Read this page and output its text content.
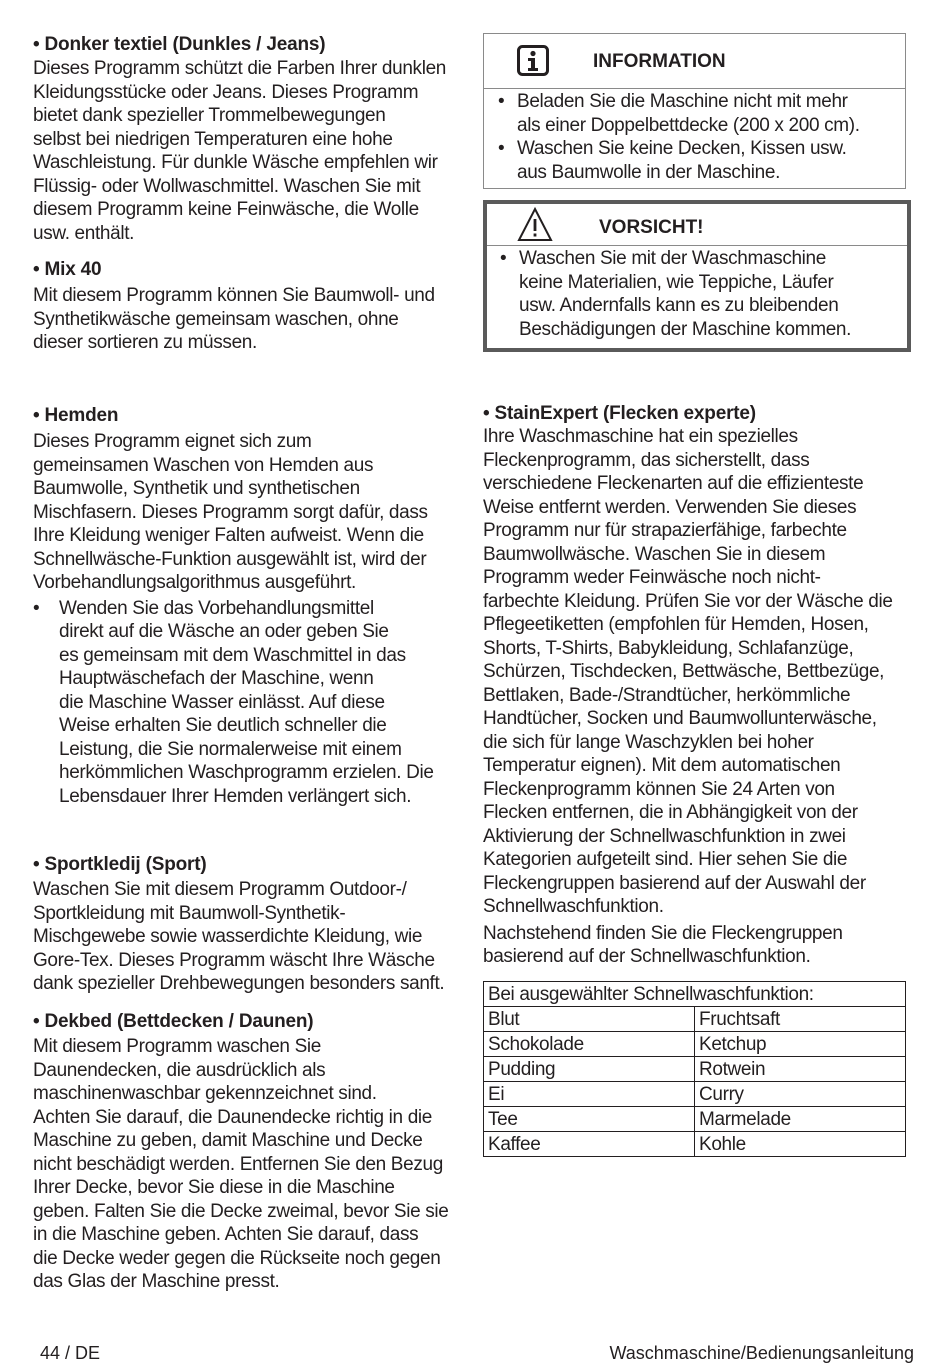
• Donker textiel (Dunkles / Jeans)

Dieses Programm schützt die Farben Ihrer dunklen
Kleidungsstücke oder Jeans. Dieses Programm
bietet dank spezieller Trommelbewegungen
selbst bei niedrigen Temperaturen eine hohe
Waschleistung. Für dunkle Wäsche empfehlen wir
Flüssig- oder Wollwaschmittel. Waschen Sie mit
diesem Programm keine Feinwäsche, die Wolle
usw. enthält.

• Mix 40

Mit diesem Programm können Sie Baumwoll- und
Synthetikwäsche gemeinsam waschen, ohne
dieser sortieren zu müssen.
INFORMATION
• Beladen Sie die Maschine nicht mit mehr
als einer Doppelbettdecke (200 x 200 cm).
• Waschen Sie keine Decken, Kissen usw.
aus Baumwolle in der Maschine.
VORSICHT!
• Waschen Sie mit der Waschmaschine
keine Materialien, wie Teppiche, Läufer
usw. Andernfalls kann es zu bleibenden
Beschädigungen der Maschine kommen.

• Hemden

Dieses Programm eignet sich zum
gemeinsamen Waschen von Hemden aus
Baumwolle, Synthetik und synthetischen
Mischfasern. Dieses Programm sorgt dafür, dass
Ihre Kleidung weniger Falten aufweist. Wenn die
Schnellwäsche-Funktion ausgewählt ist, wird der
Vorbehandlungsalgorithmus ausgeführt.
•	Wenden Sie das Vorbehandlungsmittel
direkt auf die Wäsche an oder geben Sie
es gemeinsam mit dem Waschmittel in das
Hauptwäschefach der Maschine, wenn
die Maschine Wasser einlässt. Auf diese
Weise erhalten Sie deutlich schneller die
Leistung, die Sie normalerweise mit einem
herkömmlichen Waschprogramm erzielen. Die
Lebensdauer Ihrer Hemden verlängert sich.

• Sportkledij (Sport)

Waschen Sie mit diesem Programm Outdoor-/
Sportkleidung mit Baumwoll-Synthetik-
Mischgewebe sowie wasserdichte Kleidung, wie
Gore-Tex. Dieses Programm wäscht Ihre Wäsche
dank spezieller Drehbewegungen besonders sanft.

• Dekbed (Bettdecken / Daunen)

Mit diesem Programm waschen Sie
Daunendecken, die ausdrücklich als
maschinenwaschbar gekennzeichnet sind.
Achten Sie darauf, die Daunendecke richtig in die
Maschine zu geben, damit Maschine und Decke
nicht beschädigt werden. Entfernen Sie den Bezug
Ihrer Decke, bevor Sie diese in die Maschine
geben. Falten Sie die Decke zweimal, bevor Sie sie
in die Maschine geben. Achten Sie darauf, dass
die Decke weder gegen die Rückseite noch gegen
das Glas der Maschine presst.

• StainExpert (Flecken experte)

Ihre Waschmaschine hat ein spezielles
Fleckenprogramm, das sicherstellt, dass
verschiedene Fleckenarten auf die effizienteste
Weise entfernt werden. Verwenden Sie dieses
Programm nur für strapazierfähige, farbechte
Baumwollwäsche. Waschen Sie in diesem
Programm weder Feinwäsche noch nicht-
farbechte Kleidung. Prüfen Sie vor der Wäsche die
Pflegeetiketten (empfohlen für Hemden, Hosen,
Shorts, T-Shirts, Babykleidung, Schlafanzüge,
Schürzen, Tischdecken, Bettwäsche, Bettbezüge,
Bettlaken, Bade-/Strandtücher, herkömmliche
Handtücher, Socken und Baumwollunterwäsche,
die sich für lange Waschzyklen bei hoher
Temperatur eignen). Mit dem automatischen
Fleckenprogramm können Sie 24 Arten von
Flecken entfernen, die in Abhängigkeit von der
Aktivierung der Schnellwaschfunktion in zwei
Kategorien aufgeteilt sind. Hier sehen Sie die
Fleckengruppen basierend auf der Auswahl der
Schnellwaschfunktion.
Nachstehend finden Sie die Fleckengruppen
basierend auf der Schnellwaschfunktion.
Bei ausgewählter Schnellwaschfunktion:	
Blut	Fruchtsaft
Schokolade	Ketchup
Pudding	Rotwein
Ei	Curry
Tee	Marmelade
Kaffee	Kohle
44 / DE	Waschmaschine/Bedienungsanleitung
